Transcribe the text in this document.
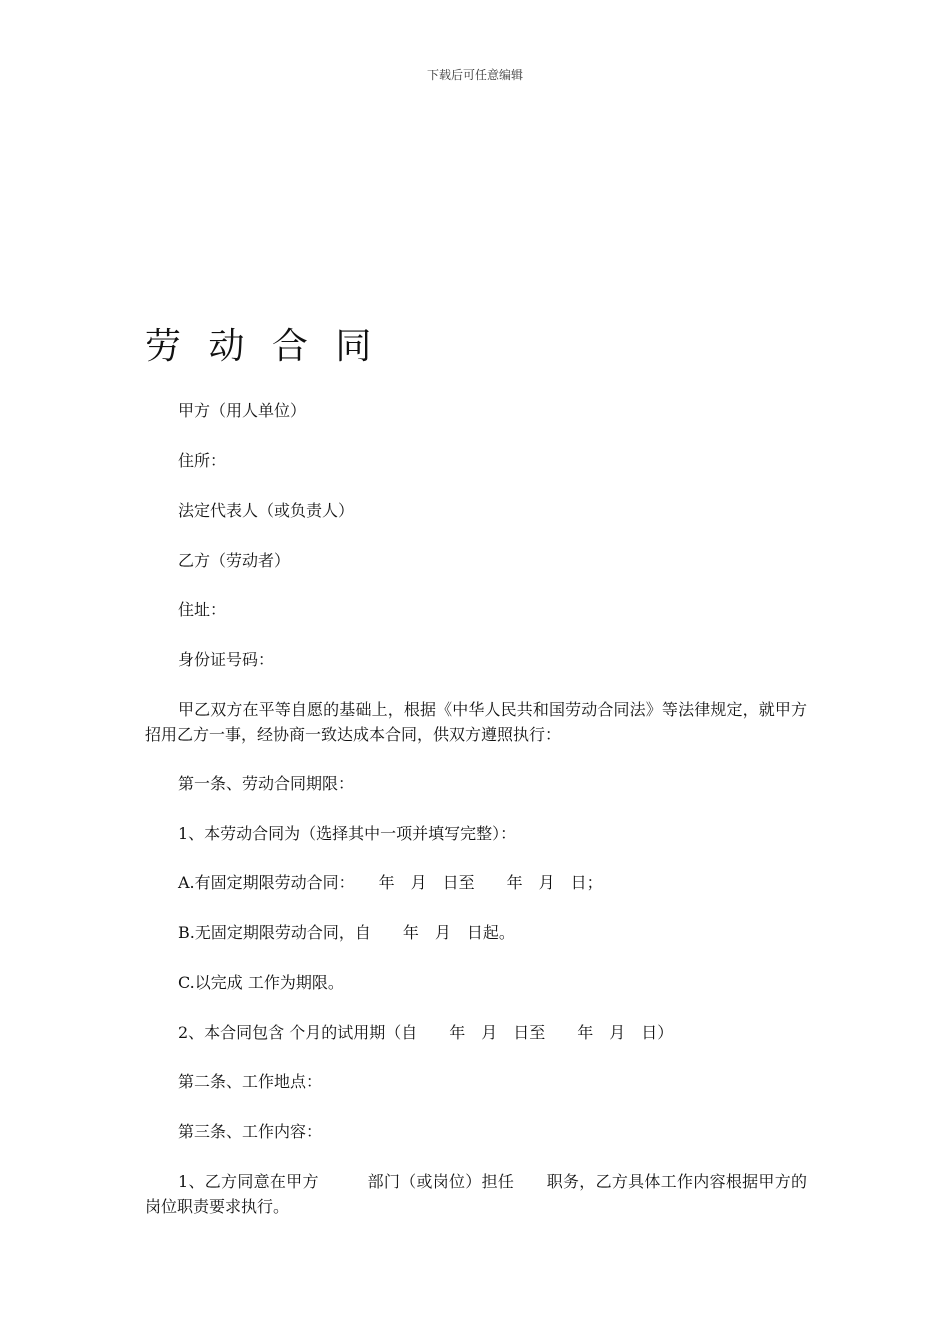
下载后可任意编辑
劳 动 合 同
甲方（用人单位）
住所：
法定代表人（或负责人）
乙方（劳动者）
住址：
身份证号码：
甲乙双方在平等自愿的基础上，根据《中华人民共和国劳动合同法》等法律规定，就甲方招用乙方一事，经协商一致达成本合同，供双方遵照执行：
第一条、劳动合同期限：
1、本劳动合同为（选择其中一项并填写完整）：
A.有固定期限劳动合同：　　年　月　日至　　年　月　日；
B.无固定期限劳动合同，自　　年　月　日起。
C.以完成 工作为期限。
2、本合同包含 个月的试用期（自　　年　月　日至　　年　月　日）
第二条、工作地点：
第三条、工作内容：
1、乙方同意在甲方　　　部门（或岗位）担任　　职务，乙方具体工作内容根据甲方的岗位职责要求执行。
